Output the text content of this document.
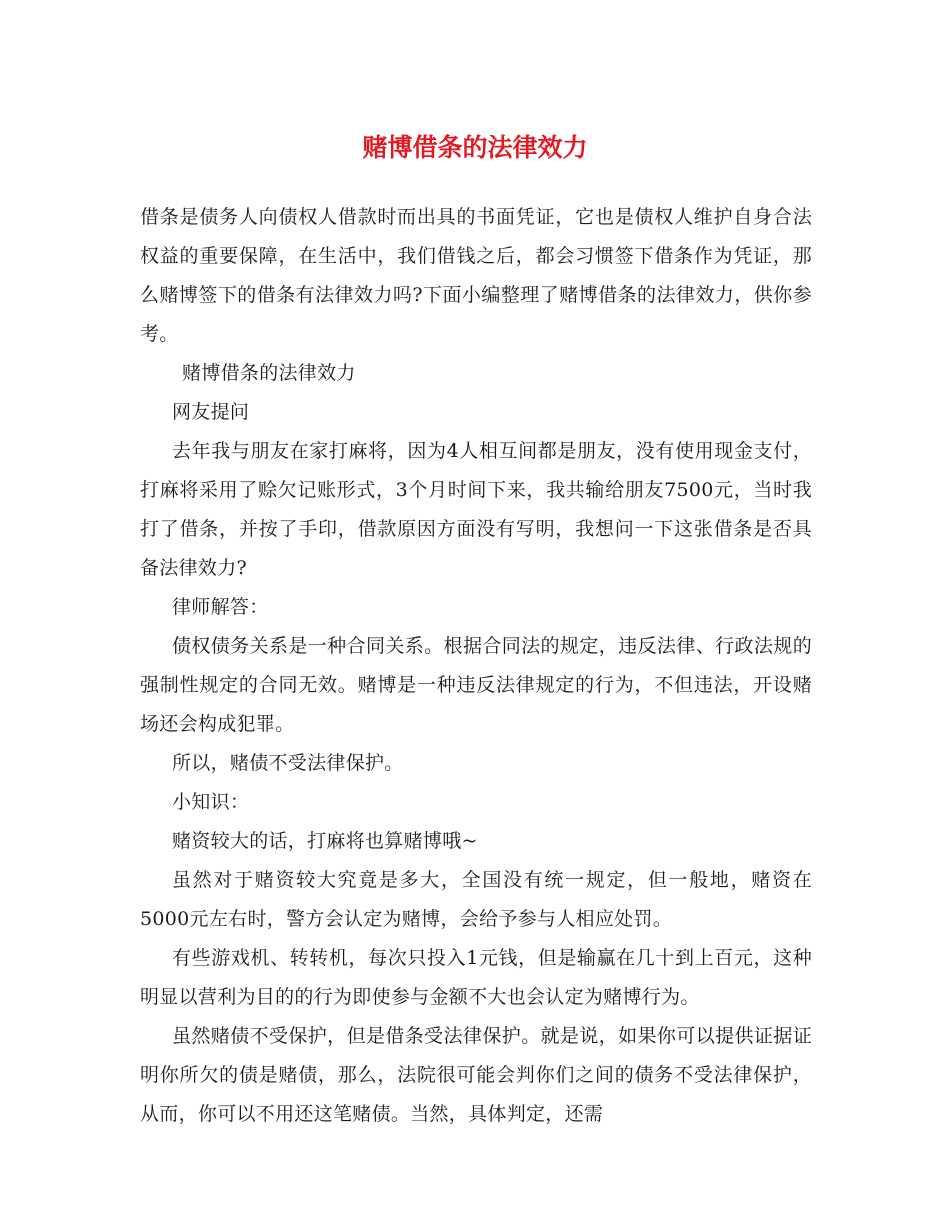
赌博借条的法律效力

借条是债务人向债权人借款时而出具的书面凭证，它也是债权人维护自身合法权益的重要保障，在生活中，我们借钱之后，都会习惯签下借条作为凭证，那么赌博签下的借条有法律效力吗?下面小编整理了赌博借条的法律效力，供你参考。

赌博借条的法律效力

网友提问

去年我与朋友在家打麻将，因为4人相互间都是朋友，没有使用现金支付，打麻将采用了赊欠记账形式，3个月时间下来，我共输给朋友7500元，当时我打了借条，并按了手印，借款原因方面没有写明，我想问一下这张借条是否具备法律效力?

律师解答：

债权债务关系是一种合同关系。根据合同法的规定，违反法律、行政法规的强制性规定的合同无效。赌博是一种违反法律规定的行为，不但违法，开设赌场还会构成犯罪。

所以，赌债不受法律保护。

小知识：

赌资较大的话，打麻将也算赌博哦~

虽然对于赌资较大究竟是多大，全国没有统一规定，但一般地，赌资在5000元左右时，警方会认定为赌博，会给予参与人相应处罚。

有些游戏机、转转机，每次只投入1元钱，但是输赢在几十到上百元，这种明显以营利为目的的行为即使参与金额不大也会认定为赌博行为。

虽然赌债不受保护，但是借条受法律保护。就是说，如果你可以提供证据证明你所欠的债是赌债，那么，法院很可能会判你们之间的债务不受法律保护，从而，你可以不用还这笔赌债。当然，具体判定，还需
